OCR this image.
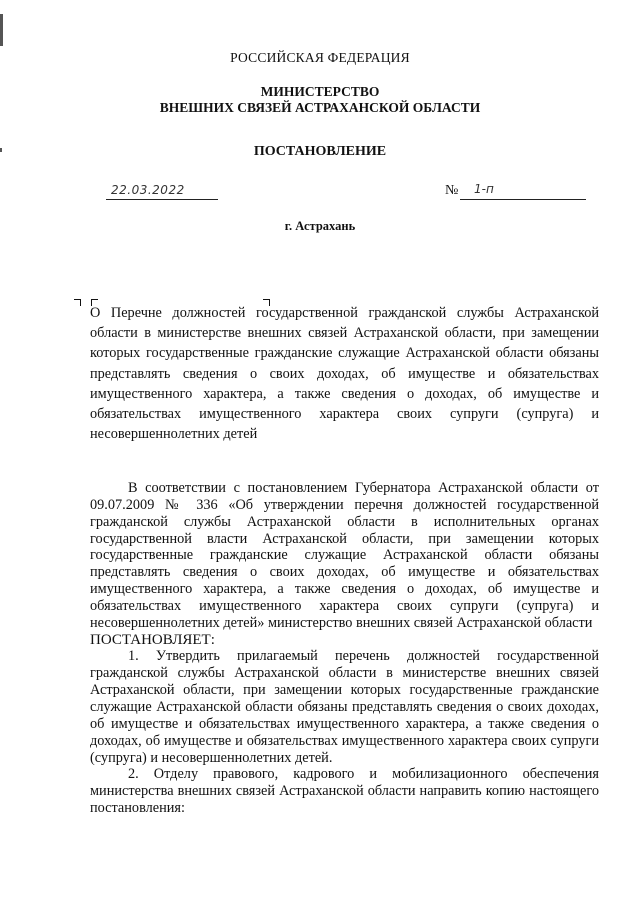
РОССИЙСКАЯ ФЕДЕРАЦИЯ
МИНИСТЕРСТВО
ВНЕШНИХ СВЯЗЕЙ АСТРАХАНСКОЙ ОБЛАСТИ
ПОСТАНОВЛЕНИЕ
22.03.2022	№ 1-п
г. Астрахань
О Перечне должностей государственной гражданской службы Астраханской области в министерстве внешних связей Астраханской области, при замещении которых государственные гражданские служащие Астраханской области обязаны представлять сведения о своих доходах, об имуществе и обязательствах имущественного характера, а также сведения о доходах, об имуществе и обязательствах имущественного характера своих супруги (супруга) и несовершеннолетних детей

В соответствии с постановлением Губернатора Астраханской области от 09.07.2009 № 336 «Об утверждении перечня должностей государственной гражданской службы Астраханской области в исполнительных органах государственной власти Астраханской области, при замещении которых государственные гражданские служащие Астраханской области обязаны представлять сведения о своих доходах, об имуществе и обязательствах имущественного характера, а также сведения о доходах, об имуществе и обязательствах имущественного характера своих супруги (супруга) и несовершеннолетних детей» министерство внешних связей Астраханской области

ПОСТАНОВЛЯЕТ:

1. Утвердить прилагаемый перечень должностей государственной гражданской службы Астраханской области в министерстве внешних связей Астраханской области, при замещении которых государственные гражданские служащие Астраханской области обязаны представлять сведения о своих доходах, об имуществе и обязательствах имущественного характера, а также сведения о доходах, об имуществе и обязательствах имущественного характера своих супруги (супруга) и несовершеннолетних детей.

2. Отделу правового, кадрового и мобилизационного обеспечения министерства внешних связей Астраханской области направить копию настоящего постановления:
